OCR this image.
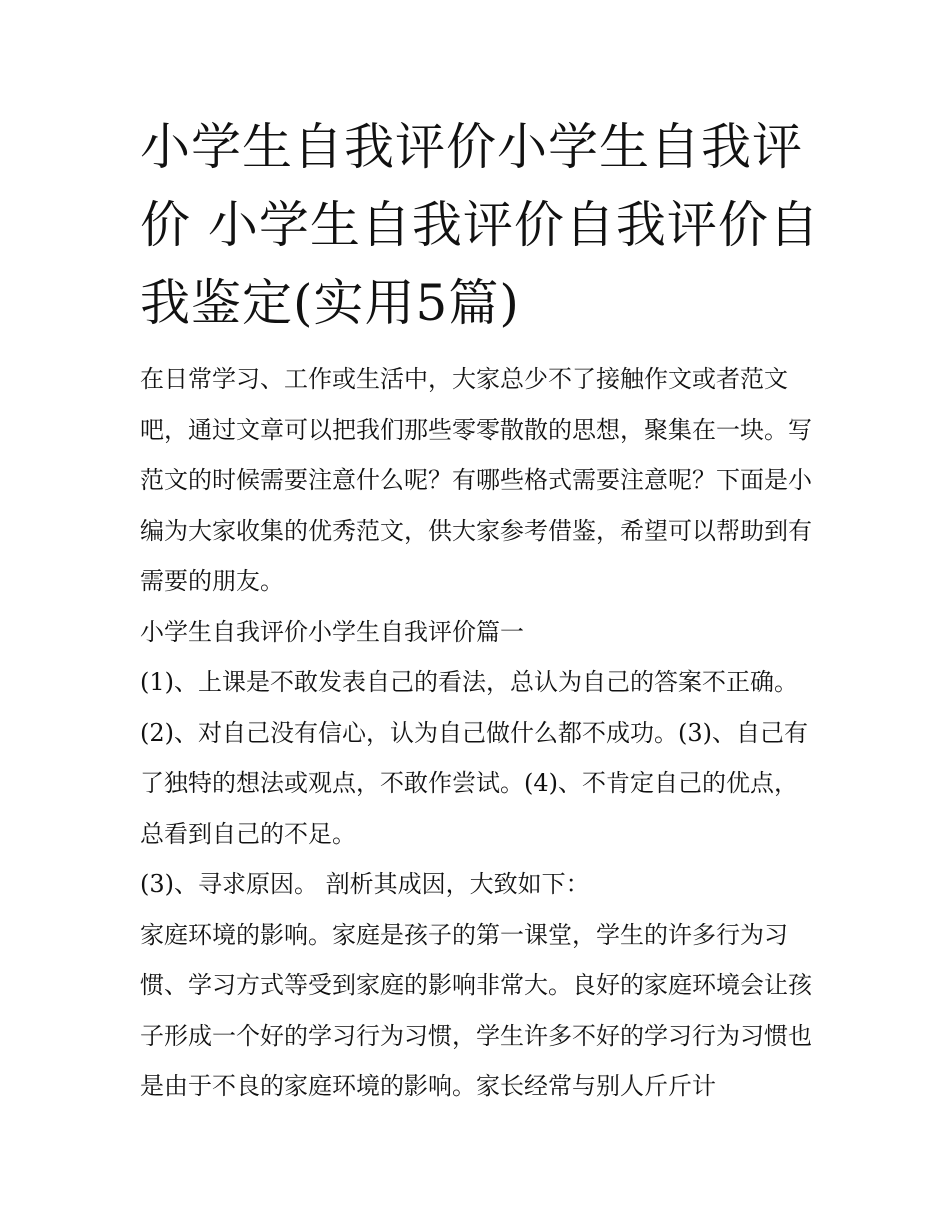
小学生自我评价小学生自我评价 小学生自我评价自我评价自我鉴定(实用5篇)

在日常学习、工作或生活中，大家总少不了接触作文或者范文吧，通过文章可以把我们那些零零散散的思想，聚集在一块。写范文的时候需要注意什么呢？有哪些格式需要注意呢？下面是小编为大家收集的优秀范文，供大家参考借鉴，希望可以帮助到有需要的朋友。

小学生自我评价小学生自我评价篇一

(1)、上课是不敢发表自己的看法，总认为自己的答案不正确。(2)、对自己没有信心，认为自己做什么都不成功。(3)、自己有了独特的想法或观点，不敢作尝试。(4)、不肯定自己的优点，总看到自己的不足。

(3)、寻求原因。 剖析其成因，大致如下：

家庭环境的影响。家庭是孩子的第一课堂，学生的许多行为习惯、学习方式等受到家庭的影响非常大。良好的家庭环境会让孩子形成一个好的学习行为习惯，学生许多不好的学习行为习惯也是由于不良的家庭环境的影响。家长经常与别人斤斤计
